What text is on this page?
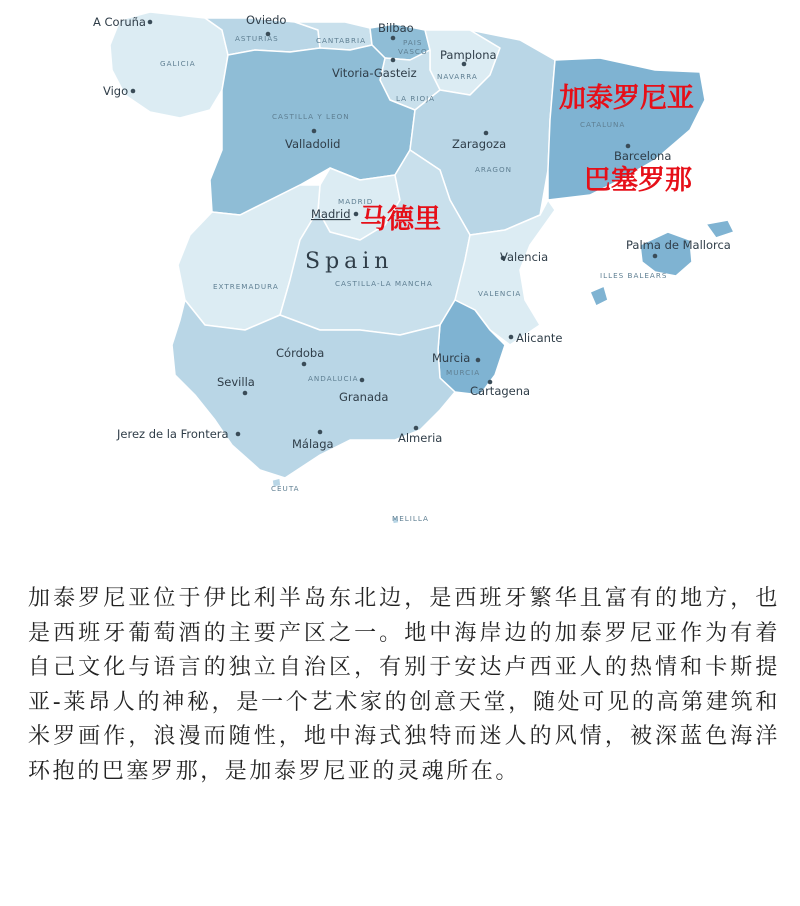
ASTURIAS	CANTABRIA	PAIS
VASCO
GALICIA
NAVARRA
LA RIOJA
CASTILLA Y LEON
CATALUNA
ARAGON
MADRID
EXTREMADURA	CASTILLA-LA MANCHA
VALENCIA
ANDALUCIA
MURCIA
ILLES BALEARS
CEUTA
MELILLA
A Coruña	Oviedo
Bilbao
Pamplona
Vitoria-Gasteiz
Vigo
Valladolid	Zaragoza
Barcelona
Madrid
Palma de Mallorca
Valencia
Alicante
Córdoba	Murcia
Sevilla
Granada	Cartagena
Jerez de la Frontera
Málaga	Almeria
Spain
加泰罗尼亚
巴塞罗那
马德里

加泰罗尼亚位于伊比利半岛东北边，是西班牙繁华且富有的地方，也是西班牙葡萄酒的主要产区之一。地中海岸边的加泰罗尼亚作为有着自己文化与语言的独立自治区，有别于安达卢西亚人的热情和卡斯提亚-莱昂人的神秘，是一个艺术家的创意天堂，随处可见的高第建筑和米罗画作，浪漫而随性，地中海式独特而迷人的风情，被深蓝色海洋环抱的巴塞罗那，是加泰罗尼亚的灵魂所在。
